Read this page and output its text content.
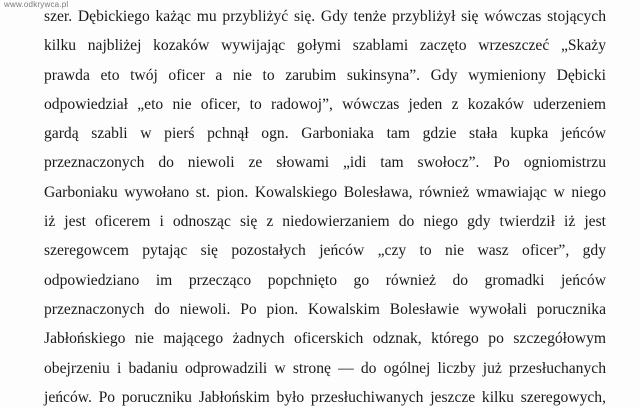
www.odkrywca.pl
szer. Dębickiego każąc mu przybliżyć się. Gdy tenże przybliżył się wówczas stojących
kilku najbliżej kozaków wywijając gołymi szablami zaczęto wrzeszczeć „Skaży
prawda eto twój oficer a nie to zarubim sukinsyna”. Gdy wymieniony Dębicki
odpowiedział „eto nie oficer, to radowoj”, wówczas jeden z kozaków uderzeniem
gardą szabli w pierś pchnął ogn. Garboniaka tam gdzie stała kupka jeńców
przeznaczonych do niewoli ze słowami „idi tam swołocz”. Po ogniomistrzu
Garboniaku wywołano st. pion. Kowalskiego Bolesława, również wmawiając w niego
iż jest oficerem i odnosząc się z niedowierzaniem do niego gdy twierdził iż jest
szeregowcem pytając się pozostałych jeńców „czy to nie wasz oficer”, gdy
odpowiedziano im przecząco popchnięto go również do gromadki jeńców
przeznaczonych do niewoli. Po pion. Kowalskim Bolesławie wywołali porucznika
Jabłońskiego nie mającego żadnych oficerskich odznak, którego po szczegółowym
obejrzeniu i badaniu odprowadzili w stronę — do ogólnej liczby już przesłuchanych
jeńców. Po poruczniku Jabłońskim było przesłuchiwanych jeszcze kilku szeregowych,
